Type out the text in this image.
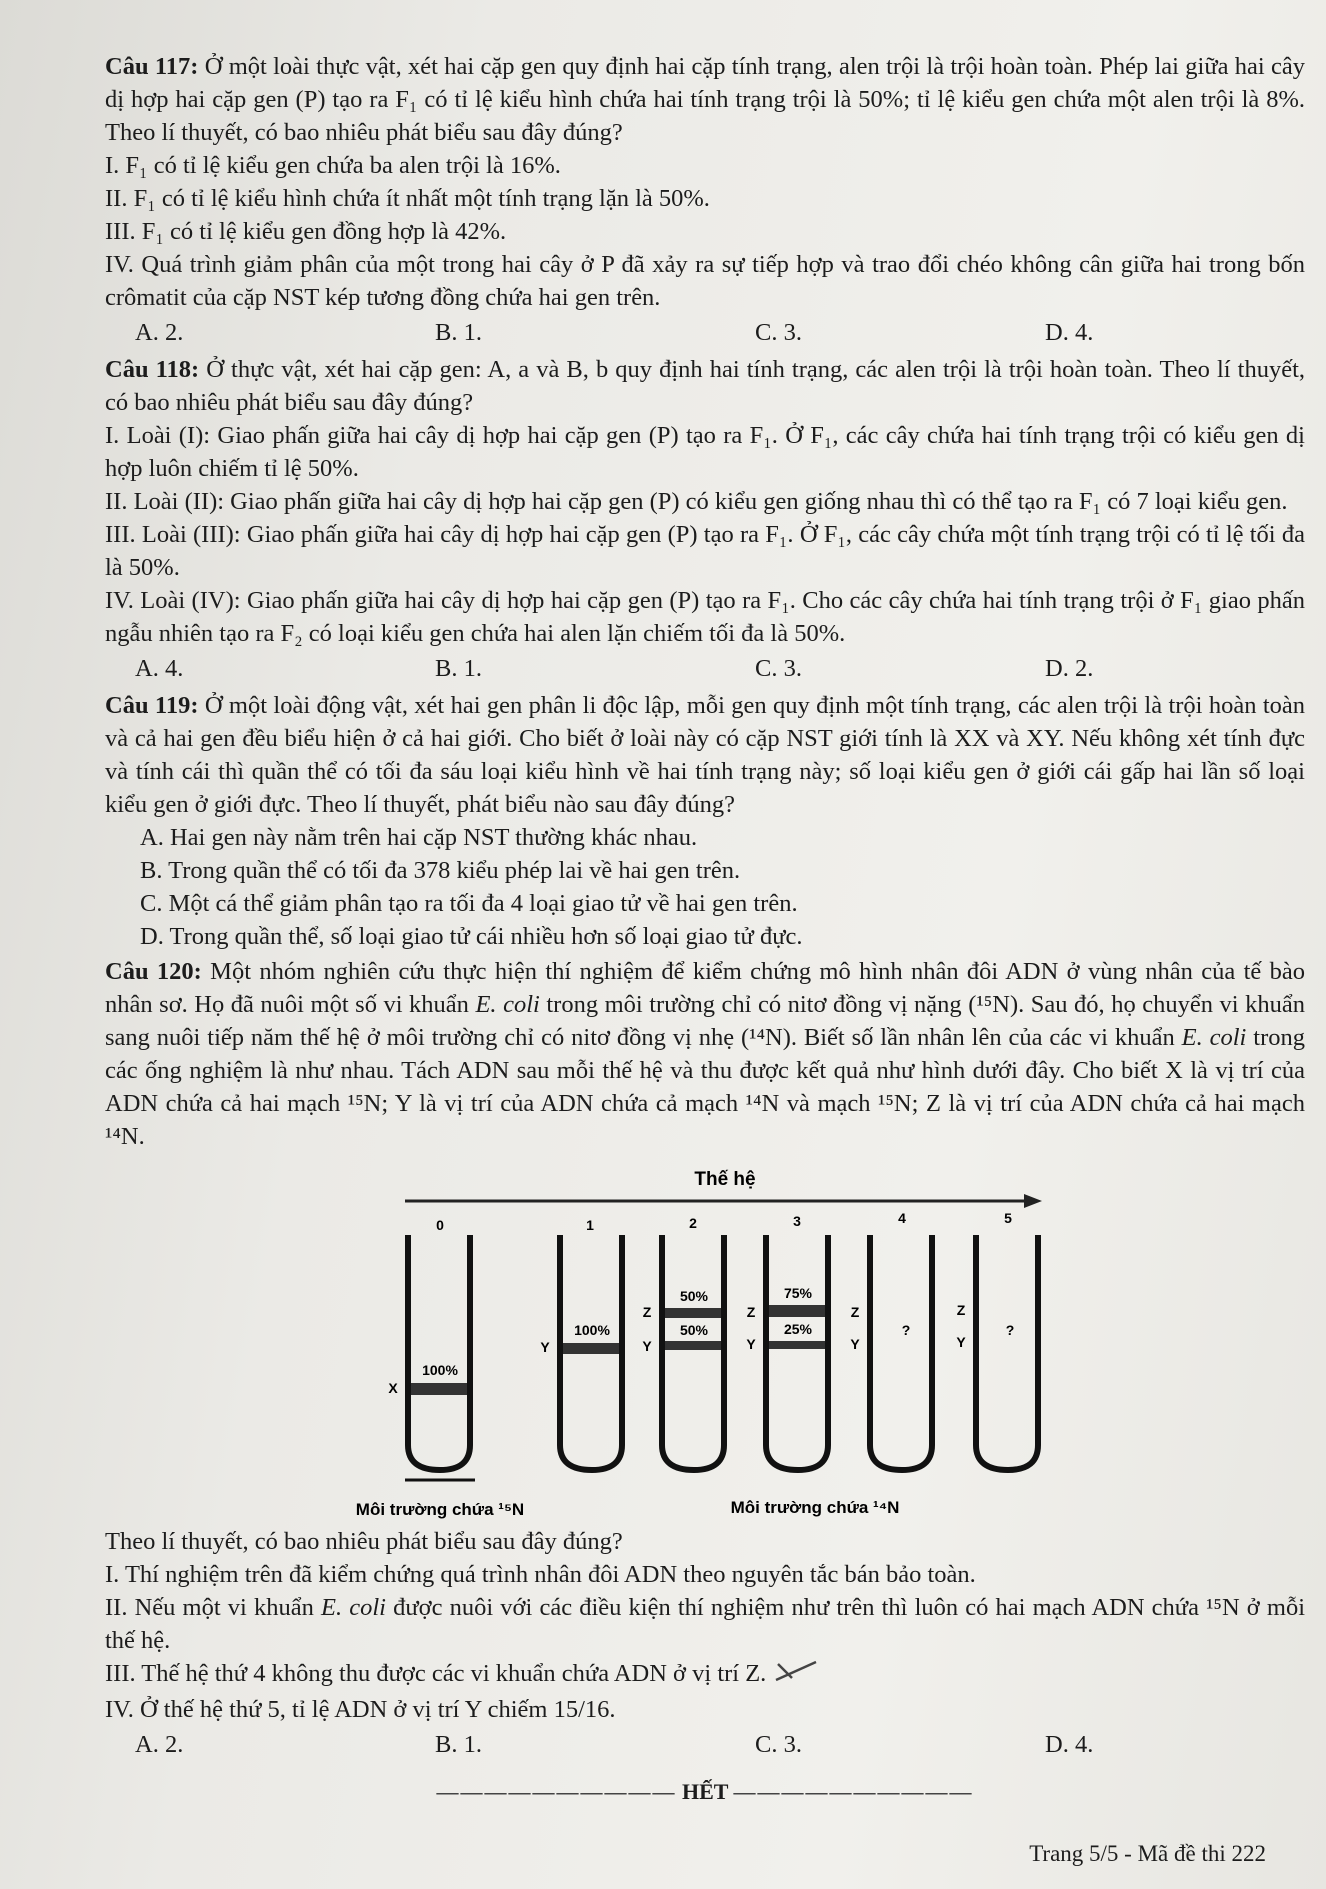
Câu 117: Ở một loài thực vật, xét hai cặp gen quy định hai cặp tính trạng, alen trội là trội hoàn toàn. Phép lai giữa hai cây dị hợp hai cặp gen (P) tạo ra F₁ có tỉ lệ kiểu hình chứa hai tính trạng trội là 50%; tỉ lệ kiểu gen chứa một alen trội là 8%. Theo lí thuyết, có bao nhiêu phát biểu sau đây đúng?

I. F₁ có tỉ lệ kiểu gen chứa ba alen trội là 16%.

II. F₁ có tỉ lệ kiểu hình chứa ít nhất một tính trạng lặn là 50%.

III. F₁ có tỉ lệ kiểu gen đồng hợp là 42%.

IV. Quá trình giảm phân của một trong hai cây ở P đã xảy ra sự tiếp hợp và trao đổi chéo không cân giữa hai trong bốn crômatit của cặp NST kép tương đồng chứa hai gen trên.

A. 2.	B. 1.	C. 3.	D. 4.

Câu 118: Ở thực vật, xét hai cặp gen: A, a và B, b quy định hai tính trạng, các alen trội là trội hoàn toàn. Theo lí thuyết, có bao nhiêu phát biểu sau đây đúng?

I. Loài (I): Giao phấn giữa hai cây dị hợp hai cặp gen (P) tạo ra F₁. Ở F₁, các cây chứa hai tính trạng trội có kiểu gen dị hợp luôn chiếm tỉ lệ 50%.

II. Loài (II): Giao phấn giữa hai cây dị hợp hai cặp gen (P) có kiểu gen giống nhau thì có thể tạo ra F₁ có 7 loại kiểu gen.

III. Loài (III): Giao phấn giữa hai cây dị hợp hai cặp gen (P) tạo ra F₁. Ở F₁, các cây chứa một tính trạng trội có tỉ lệ tối đa là 50%.

IV. Loài (IV): Giao phấn giữa hai cây dị hợp hai cặp gen (P) tạo ra F₁. Cho các cây chứa hai tính trạng trội ở F₁ giao phấn ngẫu nhiên tạo ra F₂ có loại kiểu gen chứa hai alen lặn chiếm tối đa là 50%.

A. 4.	B. 1.	C. 3.	D. 2.

Câu 119: Ở một loài động vật, xét hai gen phân li độc lập, mỗi gen quy định một tính trạng, các alen trội là trội hoàn toàn và cả hai gen đều biểu hiện ở cả hai giới. Cho biết ở loài này có cặp NST giới tính là XX và XY. Nếu không xét tính đực và tính cái thì quần thể có tối đa sáu loại kiểu hình về hai tính trạng này; số loại kiểu gen ở giới cái gấp hai lần số loại kiểu gen ở giới đực. Theo lí thuyết, phát biểu nào sau đây đúng?

A. Hai gen này nằm trên hai cặp NST thường khác nhau.

B. Trong quần thể có tối đa 378 kiểu phép lai về hai gen trên.

C. Một cá thể giảm phân tạo ra tối đa 4 loại giao tử về hai gen trên.

D. Trong quần thể, số loại giao tử cái nhiều hơn số loại giao tử đực.

Câu 120: Một nhóm nghiên cứu thực hiện thí nghiệm để kiểm chứng mô hình nhân đôi ADN ở vùng nhân của tế bào nhân sơ. Họ đã nuôi một số vi khuẩn E. coli trong môi trường chỉ có nitơ đồng vị nặng (¹⁵N). Sau đó, họ chuyển vi khuẩn sang nuôi tiếp năm thế hệ ở môi trường chỉ có nitơ đồng vị nhẹ (¹⁴N). Biết số lần nhân lên của các vi khuẩn E. coli trong các ống nghiệm là như nhau. Tách ADN sau mỗi thế hệ và thu được kết quả như hình dưới đây. Cho biết X là vị trí của ADN chứa cả hai mạch ¹⁵N; Y là vị trí của ADN chứa cả mạch ¹⁴N và mạch ¹⁵N; Z là vị trí của ADN chứa cả hai mạch ¹⁴N.

Thế hệ
0	1	2	3	4	5
100%
X
100%
Y
50%
50%
Z
Y
75%
25%
Z
Y
Z
Y
?
Z
Y
?
Môi trường chứa ¹⁵N	Môi trường chứa ¹⁴N

Theo lí thuyết, có bao nhiêu phát biểu sau đây đúng?

I. Thí nghiệm trên đã kiểm chứng quá trình nhân đôi ADN theo nguyên tắc bán bảo toàn.

II. Nếu một vi khuẩn E. coli được nuôi với các điều kiện thí nghiệm như trên thì luôn có hai mạch ADN chứa ¹⁵N ở mỗi thế hệ.

III. Thế hệ thứ 4 không thu được các vi khuẩn chứa ADN ở vị trí Z.

IV. Ở thế hệ thứ 5, tỉ lệ ADN ở vị trí Y chiếm 15/16.

A. 2.	B. 1.	C. 3.	D. 4.
—————————— HẾT ——————————
Trang 5/5 - Mã đề thi 222
